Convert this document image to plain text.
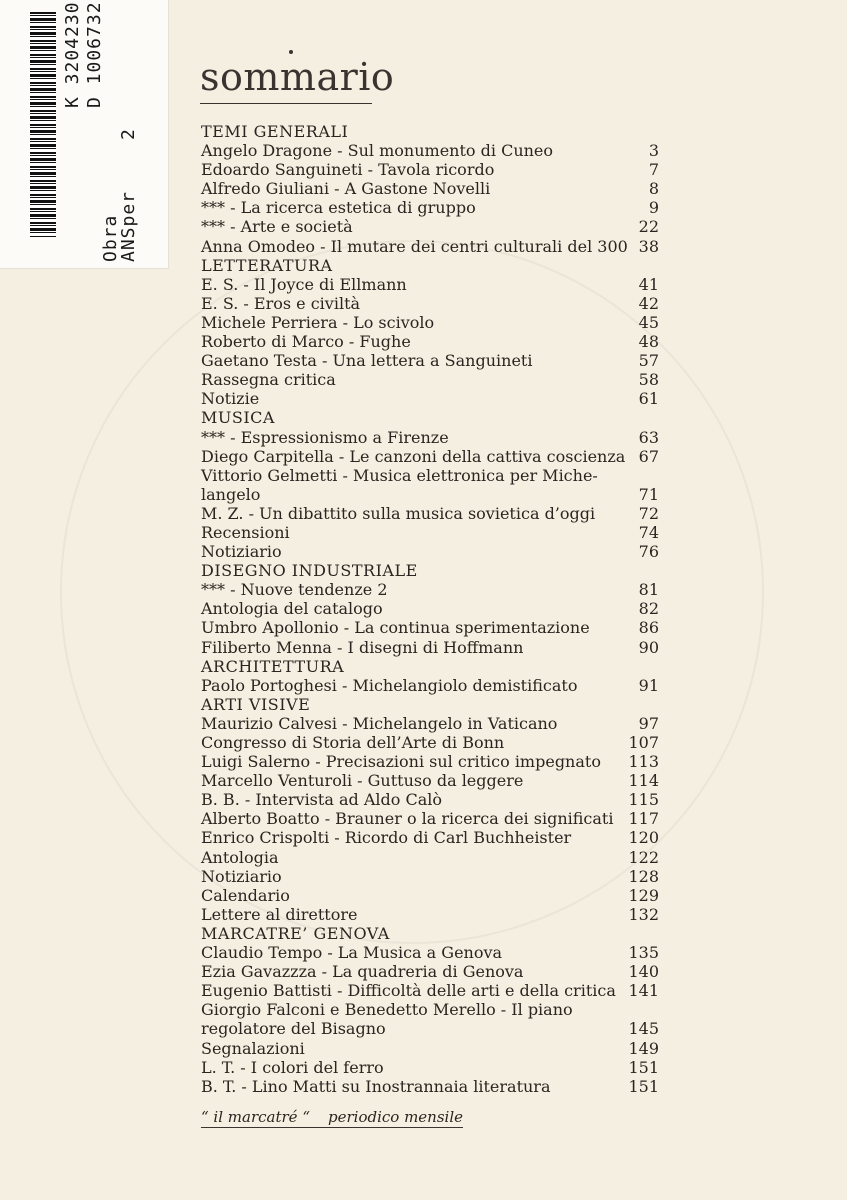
K 3204230 D 1006732
Obra
ANSper
2
sommario
TEMI GENERALI
Angelo Dragone - Sul monumento di Cuneo	3
Edoardo Sanguineti - Tavola ricordo	7
Alfredo Giuliani - A Gastone Novelli	8
*** - La ricerca estetica di gruppo	9
*** - Arte e società	22
Anna Omodeo - Il mutare dei centri culturali del 300 38
LETTERATURA
E. S. - Il Joyce di Ellmann	41
E. S. - Eros e civiltà	42
Michele Perriera - Lo scivolo	45
Roberto di Marco - Fughe	48
Gaetano Testa - Una lettera a Sanguineti	57
Rassegna critica	58
Notizie	61
MUSICA
*** - Espressionismo a Firenze	63
Diego Carpitella - Le canzoni della cattiva coscienza 67
Vittorio Gelmetti - Musica elettronica per Miche-
langelo	71
M. Z. - Un dibattito sulla musica sovietica d’oggi	72
Recensioni	74
Notiziario	76
DISEGNO INDUSTRIALE
*** - Nuove tendenze 2	81
Antologia del catalogo	82
Umbro Apollonio - La continua sperimentazione	86
Filiberto Menna - I disegni di Hoffmann	90
ARCHITETTURA
Paolo Portoghesi - Michelangiolo demistificato	91
ARTI VISIVE
Maurizio Calvesi - Michelangelo in Vaticano	97
Congresso di Storia dell’Arte di Bonn	107
Luigi Salerno - Precisazioni sul critico impegnato	113
Marcello Venturoli - Guttuso da leggere	114
B. B. - Intervista ad Aldo Calò	115
Alberto Boatto - Brauner o la ricerca dei significati 117
Enrico Crispolti - Ricordo di Carl Buchheister	120
Antologia	122
Notiziario	128
Calendario	129
Lettere al direttore	132
MARCATRE’ GENOVA
Claudio Tempo - La Musica a Genova	135
Ezia Gavazzza - La quadreria di Genova	140
Eugenio Battisti - Difficoltà delle arti e della critica 141
Giorgio Falconi e Benedetto Merello - Il piano
regolatore del Bisagno	145
Segnalazioni	149
L. T. - I colori del ferro	151
B. T. - Lino Matti su Inostrannaia literatura	151
“ il marcatré “ periodico mensile
